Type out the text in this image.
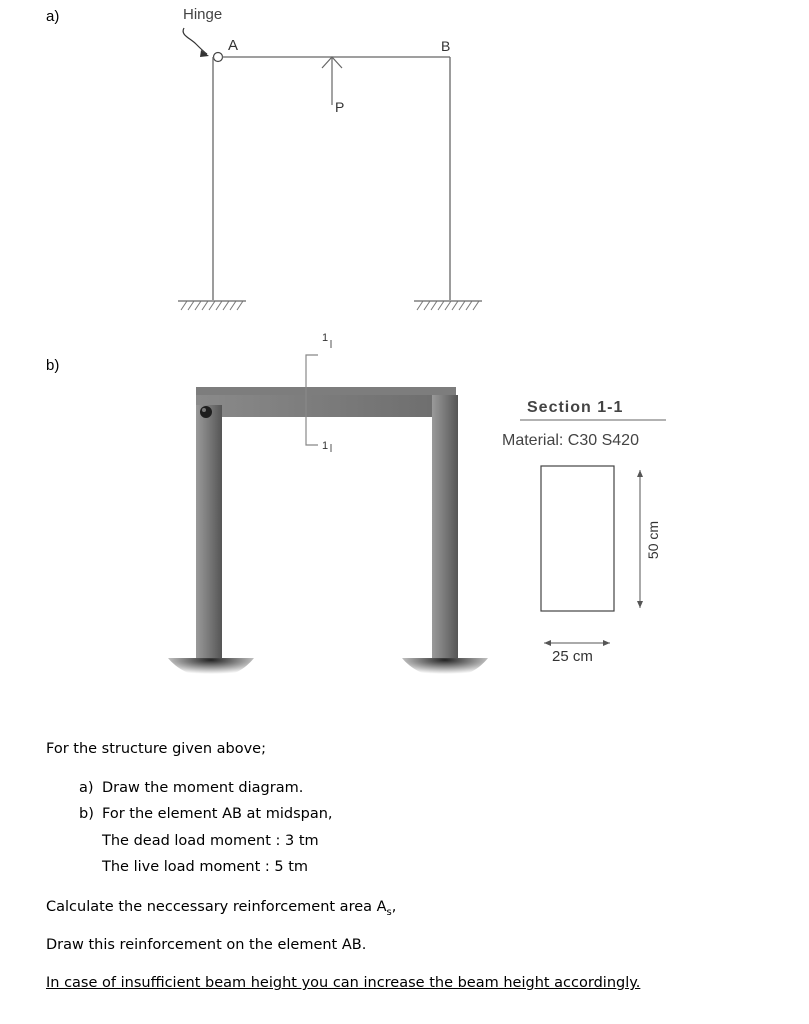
a)
b)
Hinge
A	B
P
50 cm
1
1
Section 1-1
Material: C30 S420
25 cm
For the structure given above;
a) Draw the moment diagram.
b) For the element AB at midspan,
The dead load moment : 3 tm
The live load moment : 5 tm
Calculate the neccessary reinforcement area $A_s$,
Draw this reinforcement on the element AB.
In case of insufficient beam height you can increase the beam height accordingly.
